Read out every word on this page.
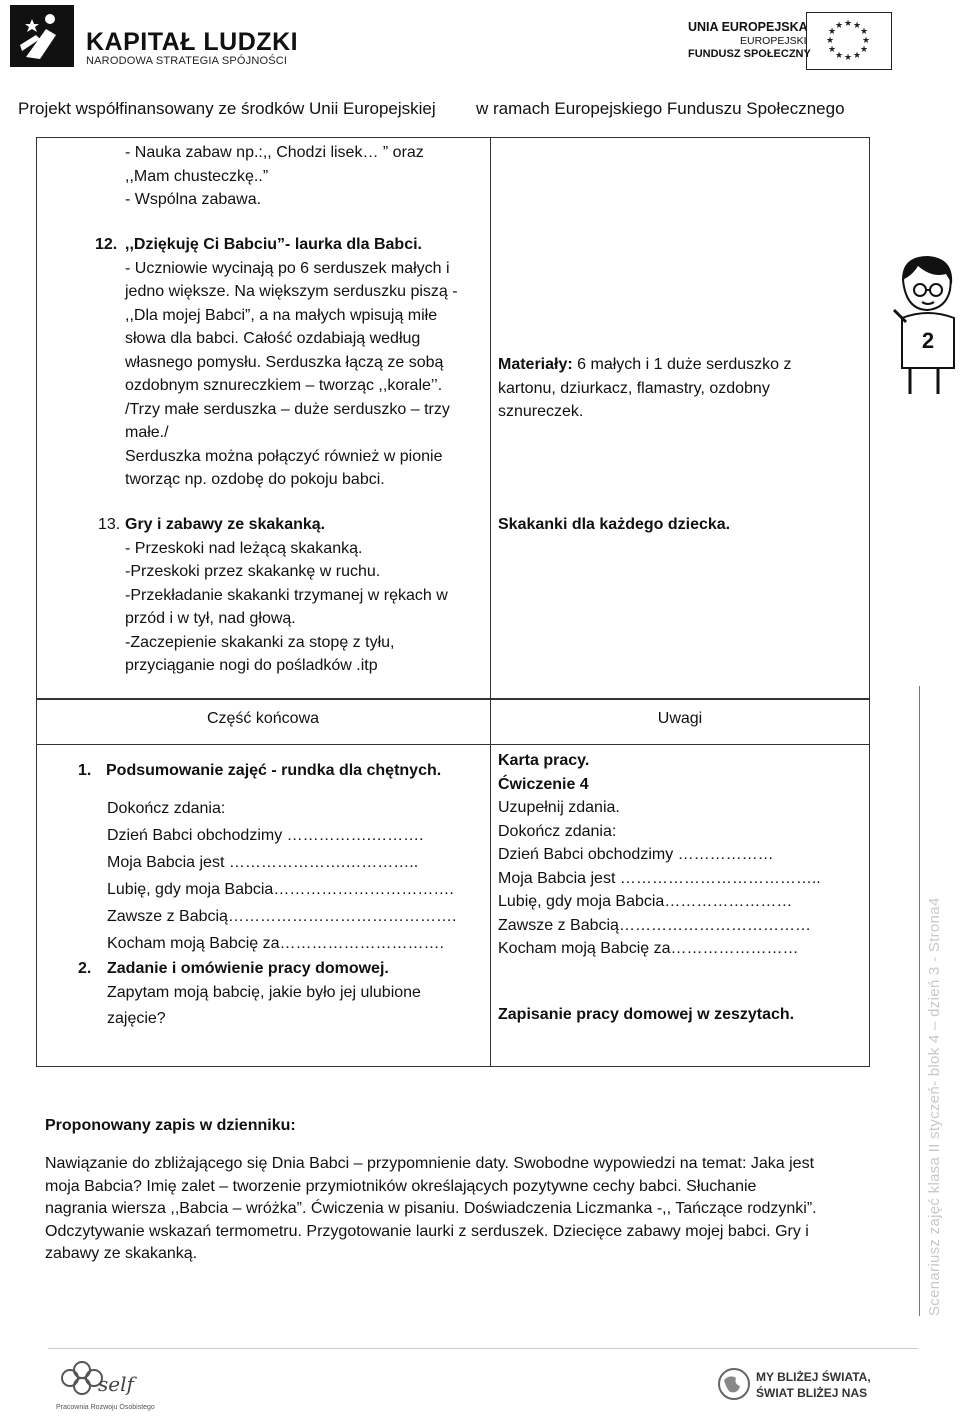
KAPITAŁ LUDZKI
NARODOWA STRATEGIA SPÓJNOŚCI
UNIA EUROPEJSKA
EUROPEJSKI
FUNDUSZ SPOŁECZNY
★ ★
★
★
★
★
★
★
★
★
★
★
Projekt współfinansowany ze środków Unii Europejskiej w ramach Europejskiego Funduszu Społecznego
- Nauka zabaw np.:,, Chodzi lisek… ” oraz
,,Mam chusteczkę..”
- Wspólna zabawa.
12. ,,Dziękuję Ci Babciu”- laurka dla Babci.
- Uczniowie wycinają po 6 serduszek małych i
jedno większe. Na większym serduszku piszą -
,,Dla mojej Babci”, a na małych wpisują miłe
słowa dla babci. Całość ozdabiają według
własnego pomysłu. Serduszka łączą ze sobą
ozdobnym sznureczkiem – tworząc ,,korale’’.
/Trzy małe serduszka – duże serduszko – trzy
małe./
Serduszka można połączyć również w pionie
tworząc np. ozdobę do pokoju babci.
13. Gry i zabawy ze skakanką.
- Przeskoki nad leżącą skakanką.
-Przeskoki przez skakankę w ruchu.
-Przekładanie skakanki trzymanej w rękach w
przód i w tył, nad głową.
-Zaczepienie skakanki za stopę z tyłu,
przyciąganie nogi do pośladków .itp
Materiały: 6 małych i 1 duże serduszko z
kartonu, dziurkacz, flamastry, ozdobny
sznureczek.
Skakanki dla każdego dziecka.
Część końcowa	Uwagi
1. Podsumowanie zajęć - rundka dla chętnych.
Dokończ zdania:
Dzień Babci obchodzimy …………….……….
Moja Babcia jest ………………….…………..
Lubię, gdy moja Babcia…………………………….
Zawsze z Babcią…………………………………….
Kocham moją Babcię za………………………….
2. Zadanie i omówienie pracy domowej.
Zapytam moją babcię, jakie było jej ulubione
zajęcie?
Karta pracy.
Ćwiczenie 4
Uzupełnij zdania.
Dokończ zdania:
Dzień Babci obchodzimy ………………
Moja Babcia jest ………………………………..
Lubię, gdy moja Babcia……………………
Zawsze z Babcią………………………………
Kocham moją Babcię za……………………
Zapisanie pracy domowej w zeszytach.
Proponowany zapis w dzienniku:
Nawiązanie do zbliżającego się Dnia Babci – przypomnienie daty. Swobodne wypowiedzi na temat: Jaka jest
moja Babcia? Imię zalet – tworzenie przymiotników określających pozytywne cechy babci. Słuchanie
nagrania wiersza ,,Babcia – wróżka”. Ćwiczenia w pisaniu. Doświadczenia Liczmanka -,, Tańczące rodzynki”.
Odczytywanie wskazań termometru. Przygotowanie laurki z serduszek. Dziecięce zabawy mojej babci. Gry i
zabawy ze skakanką.
2
Scenariusz zajęć klasa II styczeń- blok 4 – dzień 3 - Strona4
self
Pracownia Rozwoju Osobistego
MY BLIŻEJ ŚWIATA,
ŚWIAT BLIŻEJ NAS
